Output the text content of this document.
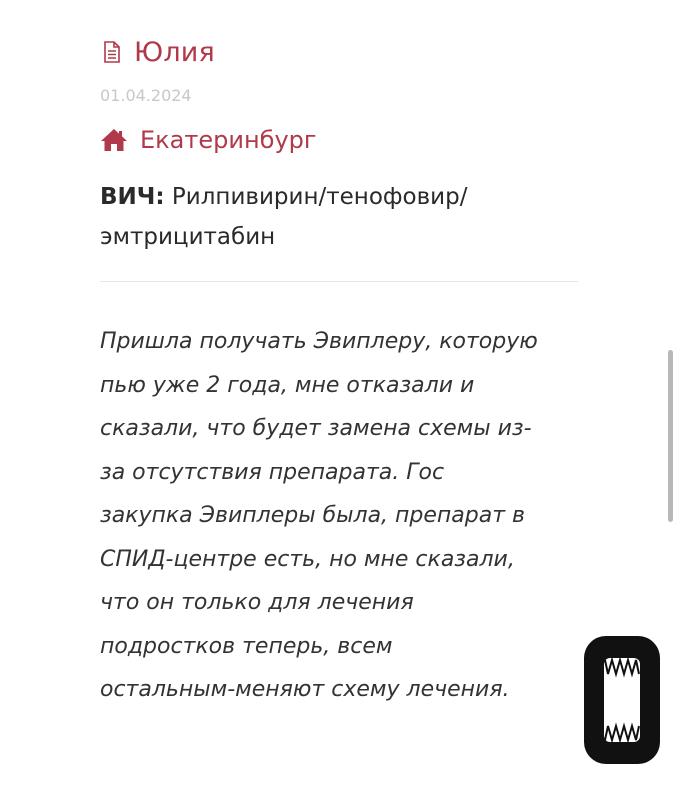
Юлия
01.04.2024
Екатеринбург
ВИЧ: Рилпивирин/тенофовир/ эмтрицитабин
Пришла получать Эвиплеру, которую
пью уже 2 года, мне отказали и
сказали, что будет замена схемы из-
за отсутствия препарата. Гос
закупка Эвиплеры была, препарат в
СПИД-центре есть, но мне сказали,
что он только для лечения
подростков теперь, всем
остальным-меняют схему лечения.
